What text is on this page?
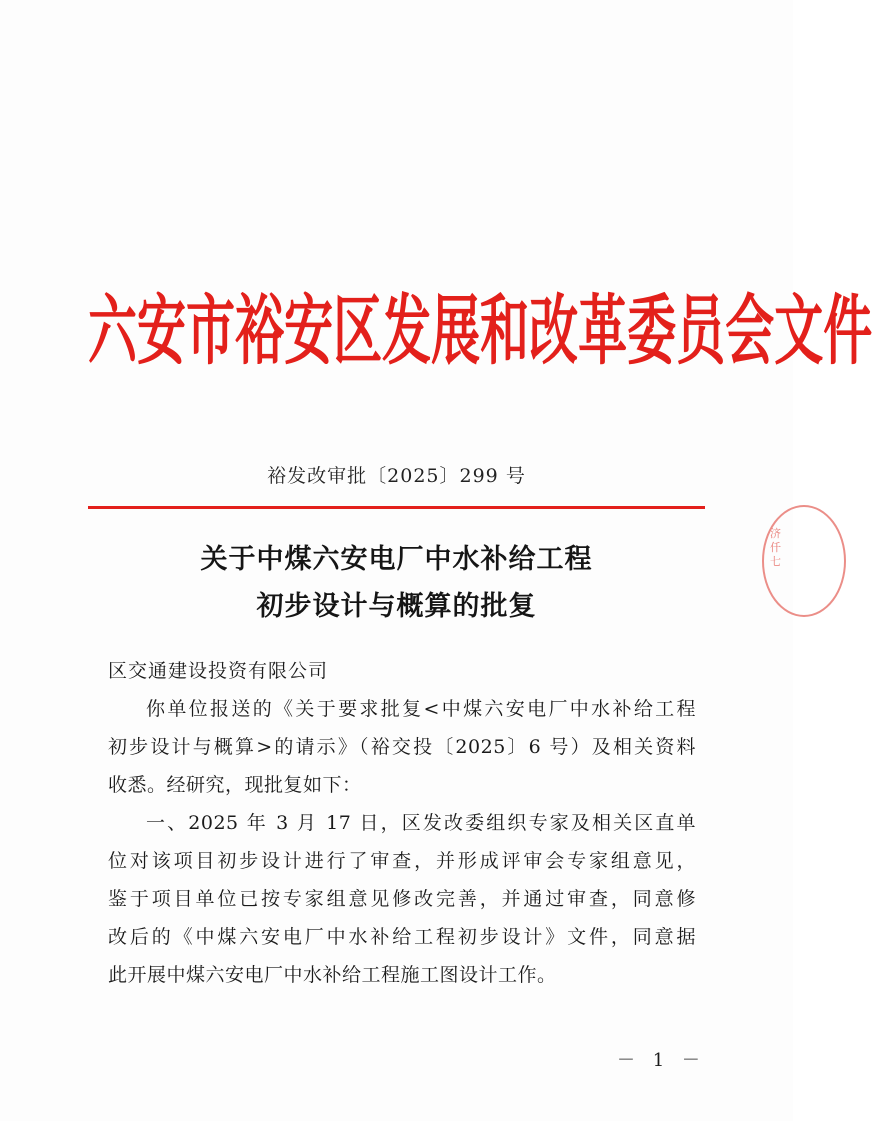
六 安 市 裕 安 区 发 展 和 改 革 委 员 会 文 件
裕发改审批〔2025〕299 号
关于中煤六安电厂中水补给工程
初步设计与概算的批复
区交通建设投资有限公司
你单位报送的《关于要求批复<中煤六安电厂中水补给工程
初步设计与概算>的请示》（裕交投〔2025〕6 号）及相关资料
收悉。经研究，现批复如下：
一、2025 年 3 月 17 日，区发改委组织专家及相关区直单
位对该项目初步设计进行了审查，并形成评审会专家组意见，
鉴于项目单位已按专家组意见修改完善，并通过审查，同意修
改后的《中煤六安电厂中水补给工程初步设计》文件，同意据
此开展中煤六安电厂中水补给工程施工图设计工作。
－ 1 －
济仟七
